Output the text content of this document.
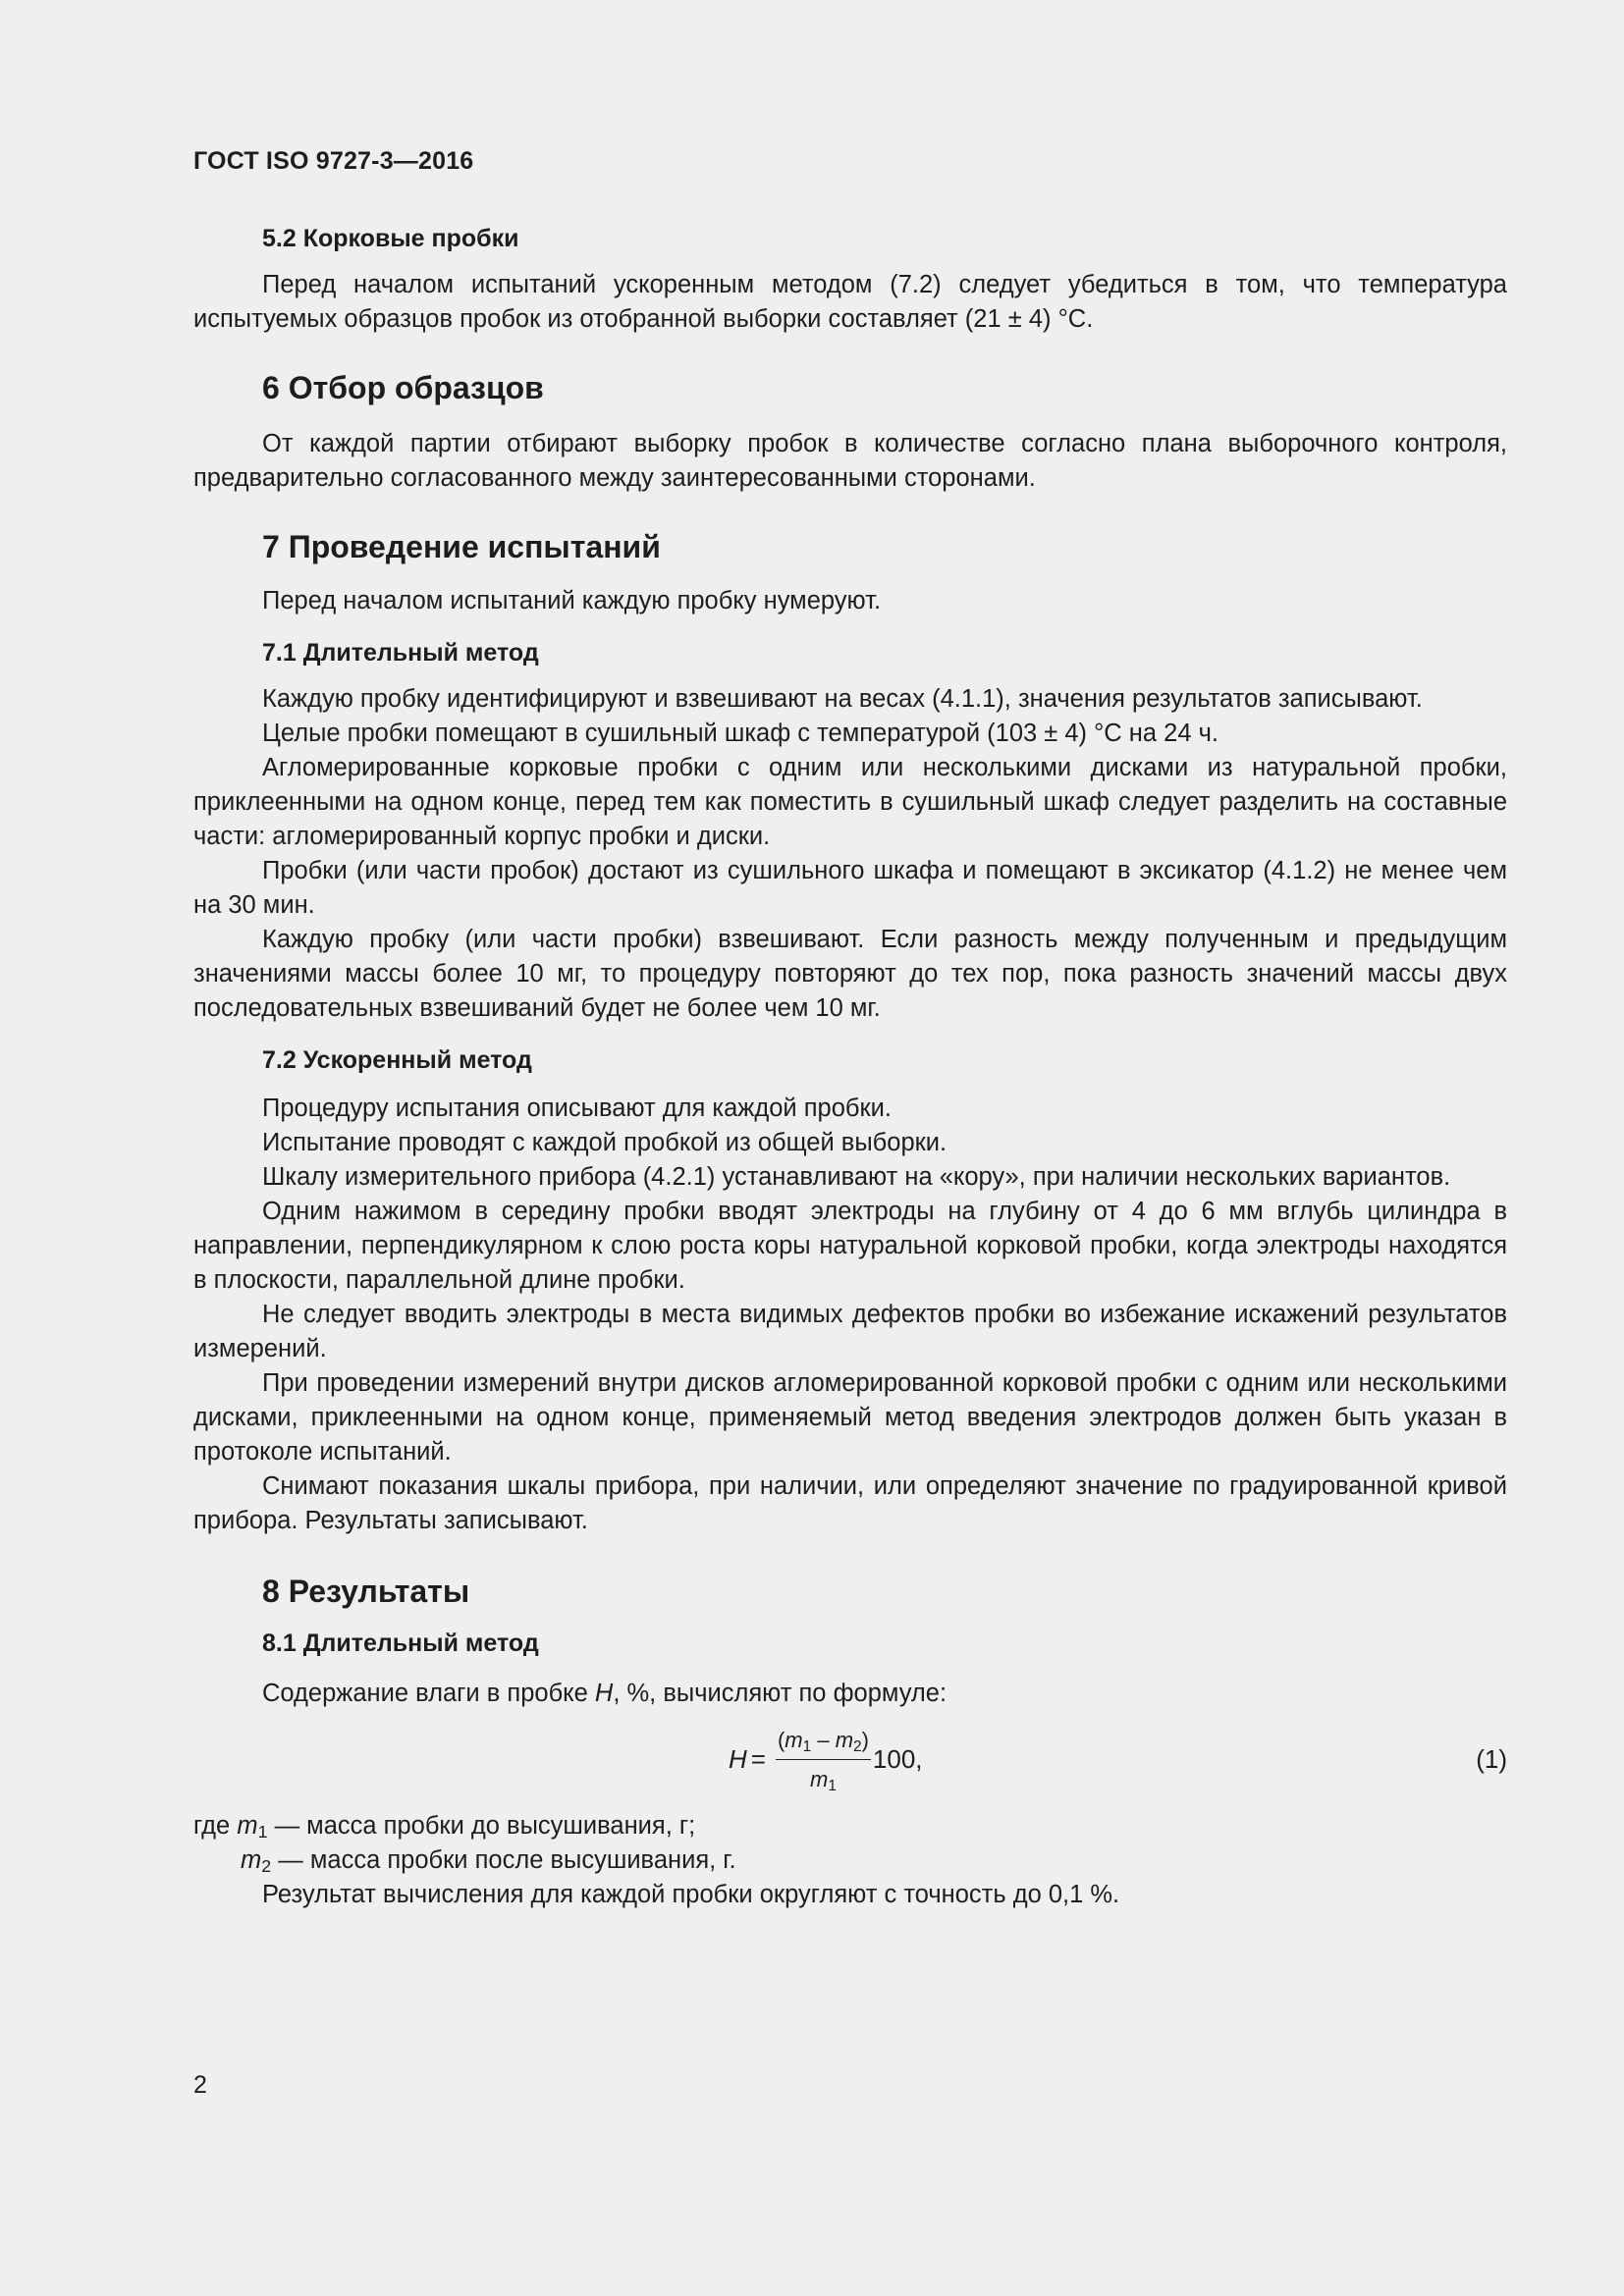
ГОСТ ISO 9727-3—2016
5.2 Корковые пробки

Перед началом испытаний ускоренным методом (7.2) следует убедиться в том, что температура испытуемых образцов пробок из отобранной выборки составляет (21 ± 4) °С.

6 Отбор образцов

От каждой партии отбирают выборку пробок в количестве согласно плана выборочного контроля, предварительно согласованного между заинтересованными сторонами.

7 Проведение испытаний

Перед началом испытаний каждую пробку нумеруют.

7.1 Длительный метод

Каждую пробку идентифицируют и взвешивают на весах (4.1.1), значения результатов записывают.

Целые пробки помещают в сушильный шкаф с температурой (103 ± 4) °С на 24 ч.

Агломерированные корковые пробки с одним или несколькими дисками из натуральной пробки, приклеенными на одном конце, перед тем как поместить в сушильный шкаф следует разделить на составные части: агломерированный корпус пробки и диски.

Пробки (или части пробок) достают из сушильного шкафа и помещают в эксикатор (4.1.2) не менее чем на 30 мин.

Каждую пробку (или части пробки) взвешивают. Если разность между полученным и предыдущим значениями массы более 10 мг, то процедуру повторяют до тех пор, пока разность значений массы двух последовательных взвешиваний будет не более чем 10 мг.

7.2 Ускоренный метод

Процедуру испытания описывают для каждой пробки.

Испытание проводят с каждой пробкой из общей выборки.

Шкалу измерительного прибора (4.2.1) устанавливают на «кору», при наличии нескольких вариантов.

Одним нажимом в середину пробки вводят электроды на глубину от 4 до 6 мм вглубь цилиндра в направлении, перпендикулярном к слою роста коры натуральной корковой пробки, когда электроды находятся в плоскости, параллельной длине пробки.

Не следует вводить электроды в места видимых дефектов пробки во избежание искажений результатов измерений.

При проведении измерений внутри дисков агломерированной корковой пробки с одним или несколькими дисками, приклеенными на одном конце, применяемый метод введения электродов должен быть указан в протоколе испытаний.

Снимают показания шкалы прибора, при наличии, или определяют значение по градуированной кривой прибора. Результаты записывают.

8 Результаты
8.1 Длительный метод

Содержание влаги в пробке H, %, вычисляют по формуле:

$H = \frac{(m_1 - m_2)}{m_1} 100$,	(1)
где $m_1$ — масса пробки до высушивания, г;
$m_2$ — масса пробки после высушивания, г.

Результат вычисления для каждой пробки округляют с точность до 0,1 %.

2
